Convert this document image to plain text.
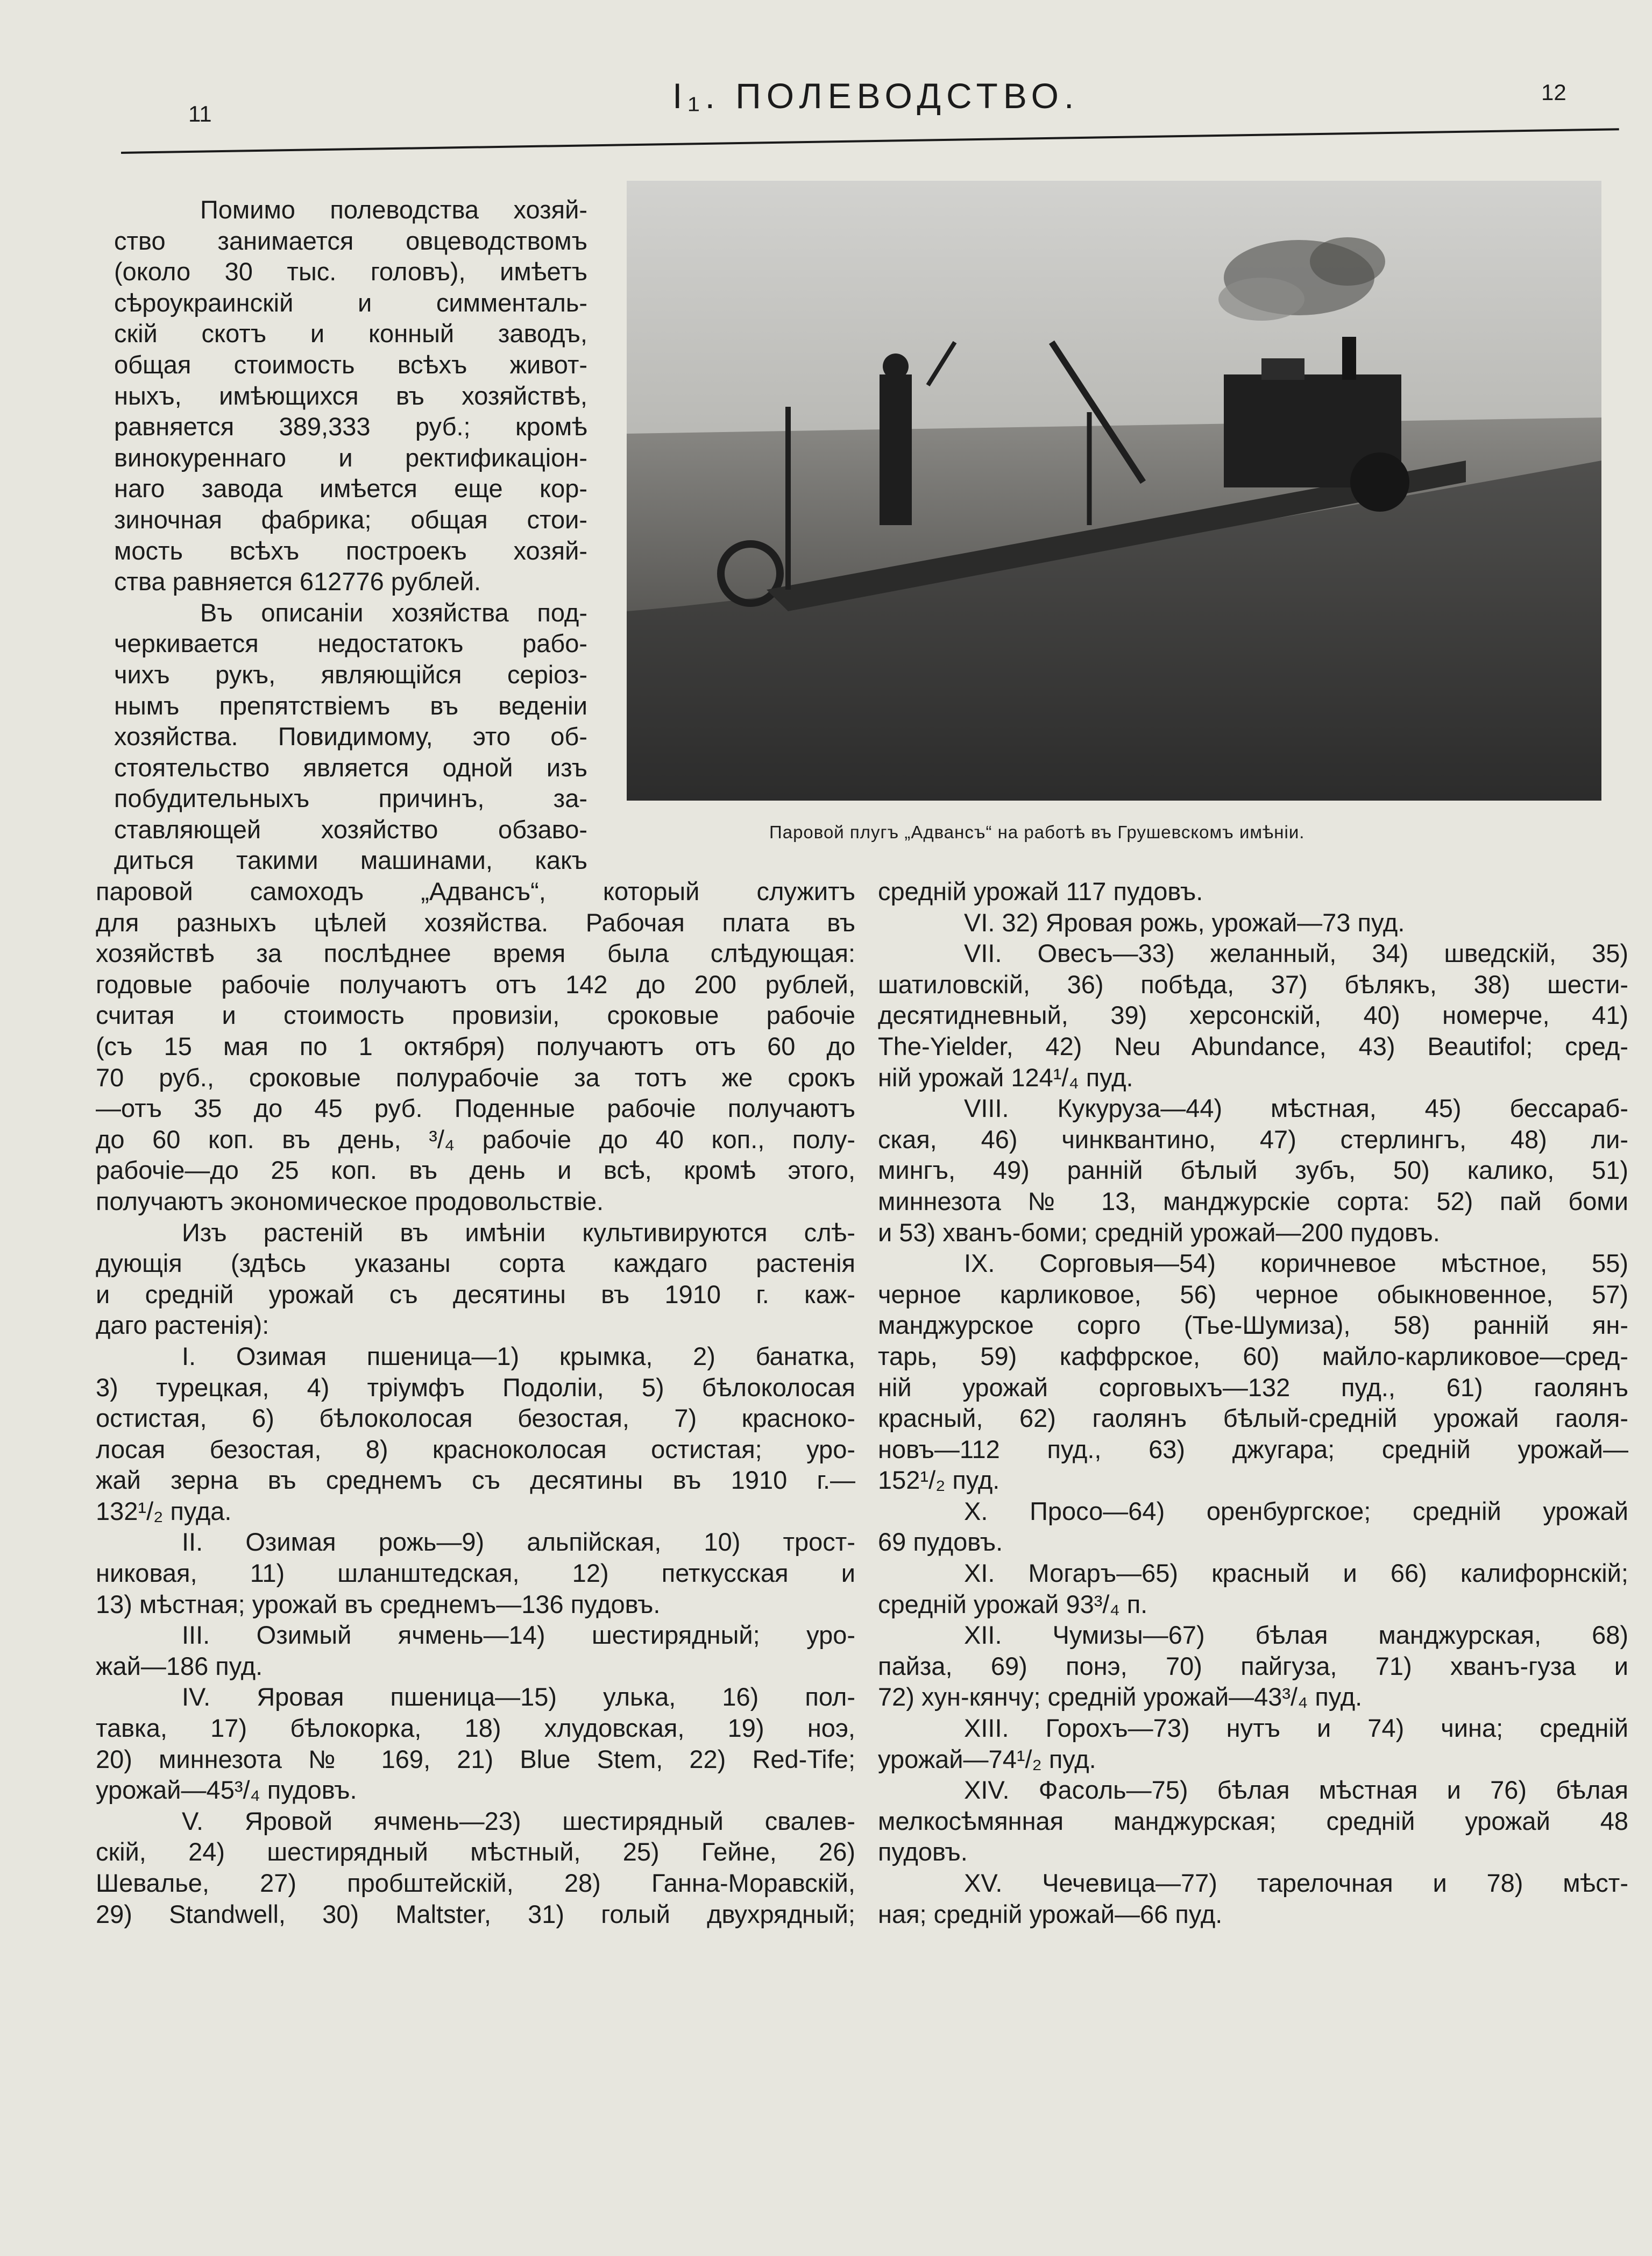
11	I₁. ПОЛЕВОДСТВО.	12
Паровой плугъ „Адвансъ“ на работѣ въ Грушевскомъ имѣніи.

Помимо полеводства хозяй-

ство занимается овцеводствомъ

(около 30 тыс. головъ), имѣетъ

сѣроукраинскій и симменталь-

скій скотъ и конный заводъ,

общая стоимость всѣхъ живот-

ныхъ, имѣющихся въ хозяйствѣ,

равняется 389,333 руб.; кромѣ

винокуреннаго и ректификаціон-

наго завода имѣется еще кор-

зиночная фабрика; общая стои-

мость всѣхъ построекъ хозяй-

ства равняется 612776 рублей.

Въ описаніи хозяйства под-

черкивается недостатокъ рабо-

чихъ рукъ, являющійся серіоз-

нымъ препятствіемъ въ веденіи

хозяйства. Повидимому, это об-

стоятельство является одной изъ

побудительныхъ причинъ, за-

ставляющей хозяйство обзаво-

диться такими машинами, какъ

паровой самоходъ „Адвансъ“, который служитъ

для разныхъ цѣлей хозяйства. Рабочая плата въ

хозяйствѣ за послѣднее время была слѣдующая:

годовые рабочіе получаютъ отъ 142 до 200 рублей,

считая и стоимость провизіи, сроковые рабочіе

(съ 15 мая по 1 октября) получаютъ отъ 60 до

70 руб., сроковые полурабочіе за тотъ же срокъ

—отъ 35 до 45 руб. Поденные рабочіе получаютъ

до 60 коп. въ день, ³/₄ рабочіе до 40 коп., полу-

рабочіе—до 25 коп. въ день и всѣ, кромѣ этого,

получаютъ экономическое продовольствіе.

Изъ растеній въ имѣніи культивируются слѣ-

дующія (здѣсь указаны сорта каждаго растенія

и средній урожай съ десятины въ 1910 г. каж-

даго растенія):

I. Озимая пшеница—1) крымка, 2) банатка,

3) турецкая, 4) тріумфъ Подоліи, 5) бѣлоколосая

остистая, 6) бѣлоколосая безостая, 7) красноко-

лосая безостая, 8) красноколосая остистая; уро-

жай зерна въ среднемъ съ десятины въ 1910 г.—

132¹/₂ пуда.

II. Озимая рожь—9) альпійская, 10) трост-

никовая, 11) шланштедская, 12) петкусская и

13) мѣстная; урожай въ среднемъ—136 пудовъ.

III. Озимый ячмень—14) шестирядный; уро-

жай—186 пуд.

IV. Яровая пшеница—15) улька, 16) пол-

тавка, 17) бѣлокорка, 18) хлудовская, 19) ноэ,

20) миннезота № 169, 21) Blue Stem, 22) Red-Tife;

урожай—45³/₄ пудовъ.

V. Яровой ячмень—23) шестирядный свалев-

скій, 24) шестирядный мѣстный, 25) Гейне, 26)

Шевалье, 27) пробштейскій, 28) Ганна-Моравскій,

29) Standwell, 30) Maltster, 31) голый двухрядный;

средній урожай 117 пудовъ.

VI. 32) Яровая рожь, урожай—73 пуд.

VII. Овесъ—33) желанный, 34) шведскій, 35)

шатиловскій, 36) побѣда, 37) бѣлякъ, 38) шести-

десятидневный, 39) херсонскій, 40) номерче, 41)

The-Yielder, 42) Neu Abundance, 43) Beautifol; сред-

ній урожай 124¹/₄ пуд.

VIII. Кукуруза—44) мѣстная, 45) бессараб-

ская, 46) чинквантино, 47) стерлингъ, 48) ли-

мингъ, 49) ранній бѣлый зубъ, 50) калико, 51)

миннезота № 13, манджурскіе сорта: 52) пай боми

и 53) хванъ-боми; средній урожай—200 пудовъ.

IX. Сорговыя—54) коричневое мѣстное, 55)

черное карликовое, 56) черное обыкновенное, 57)

манджурское сорго (Тье-Шумиза), 58) ранній ян-

тарь, 59) каффрское, 60) майло-карликовое—сред-

ній урожай сорговыхъ—132 пуд., 61) гаолянъ

красный, 62) гаолянъ бѣлый-средній урожай гаоля-

новъ—112 пуд., 63) джугара; средній урожай—

152¹/₂ пуд.

X. Просо—64) оренбургское; средній урожай

69 пудовъ.

XI. Могаръ—65) красный и 66) калифорнскій;

средній урожай 93³/₄ п.

XII. Чумизы—67) бѣлая манджурская, 68)

пайза, 69) понэ, 70) пайгуза, 71) хванъ-гуза и

72) хун-кянчу; средній урожай—43³/₄ пуд.

XIII. Горохъ—73) нутъ и 74) чина; средній

урожай—74¹/₂ пуд.

XIV. Фасоль—75) бѣлая мѣстная и 76) бѣлая

мелкосѣмянная манджурская; средній урожай 48

пудовъ.

XV. Чечевица—77) тарелочная и 78) мѣст-

ная; средній урожай—66 пуд.
